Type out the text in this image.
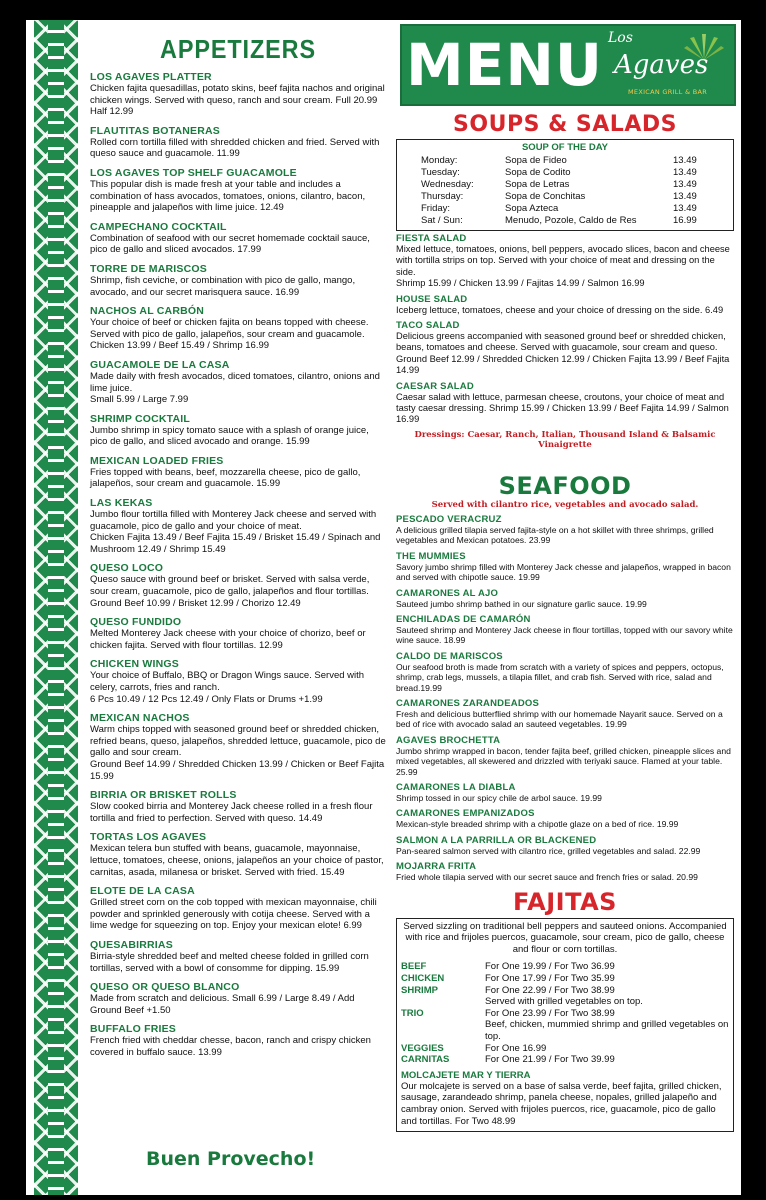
APPETIZERS
LOS AGAVES PLATTER
Chicken fajita quesadillas, potato skins, beef fajita nachos and original chicken wings. Served with queso, ranch and sour cream. Full 20.99 Half 12.99
FLAUTITAS BOTANERAS
Rolled corn tortilla filled with shredded chicken and fried. Served with queso sauce and guacamole. 11.99
LOS AGAVES TOP SHELF GUACAMOLE
This popular dish is made fresh at your table and includes a combination of hass avocados, tomatoes, onions, cilantro, bacon, pineapple and jalapeños with lime juice. 12.49
CAMPECHANO COCKTAIL
Combination of seafood with our secret homemade cocktail sauce, pico de gallo and sliced avocados. 17.99
TORRE DE MARISCOS
Shrimp, fish ceviche, or combination with pico de gallo, mango, avocado, and our secret marisquera sauce. 16.99
NACHOS AL CARBÓN
Your choice of beef or chicken fajita on beans topped with cheese. Served with pico de gallo, jalapeños, sour cream and guacamole.
Chicken 13.99 / Beef 15.49 / Shrimp 16.99
GUACAMOLE DE LA CASA
Made daily with fresh avocados, diced tomatoes, cilantro, onions and lime juice.
Small 5.99 / Large 7.99
SHRIMP COCKTAIL
Jumbo shrimp in spicy tomato sauce with a splash of orange juice, pico de gallo, and sliced avocado and orange. 15.99
MEXICAN LOADED FRIES
Fries topped with beans, beef, mozzarella cheese, pico de gallo, jalapeños, sour cream and guacamole. 15.99
LAS KEKAS
Jumbo flour tortilla filled with Monterey Jack cheese and served with guacamole, pico de gallo and your choice of meat.
Chicken Fajita 13.49 / Beef Fajita 15.49 / Brisket 15.49 / Spinach and Mushroom 12.49 / Shrimp 15.49
QUESO LOCO
Queso sauce with ground beef or brisket. Served with salsa verde, sour cream, guacamole, pico de gallo, jalapeños and flour tortillas.
Ground Beef 10.99 / Brisket 12.99 / Chorizo 12.49
QUESO FUNDIDO
Melted Monterey Jack cheese with your choice of chorizo, beef or chicken fajita. Served with flour tortillas. 12.99
CHICKEN WINGS
Your choice of Buffalo, BBQ or Dragon Wings sauce. Served with celery, carrots, fries and ranch.
6 Pcs 10.49 / 12 Pcs 12.49 / Only Flats or Drums +1.99
MEXICAN NACHOS
Warm chips topped with seasoned ground beef or shredded chicken, refried beans, queso, jalapeños, shredded lettuce, guacamole, pico de gallo and sour cream.
Ground Beef 14.99 / Shredded Chicken 13.99 / Chicken or Beef Fajita 15.99
BIRRIA OR BRISKET ROLLS
Slow cooked birria and Monterey Jack cheese rolled in a fresh flour tortilla and fried to perfection. Served with queso. 14.49
TORTAS LOS AGAVES
Mexican telera bun stuffed with beans, guacamole, mayonnaise, lettuce, tomatoes, cheese, onions, jalapeños an your choice of pastor, carnitas, asada, milanesa or brisket. Served with fried. 15.49
ELOTE DE LA CASA
Grilled street corn on the cob topped with mexican mayonnaise, chili powder and sprinkled generously with cotija cheese. Served with a lime wedge for squeezing on top. Enjoy your mexican elote! 6.99
QUESABIRRIAS
Birria-style shredded beef and melted cheese folded in grilled corn tortillas, served with a bowl of consomme for dipping. 15.99
QUESO OR QUESO BLANCO
Made from scratch and delicious. Small 6.99 / Large 8.49 / Add Ground Beef +1.50
BUFFALO FRIES
French fried with cheddar chesse, bacon, ranch and crispy chicken covered in buffalo sauce. 13.99
Buen Provecho!
MENU Los
Agaves
MEXICAN GRILL & BAR
SOUPS & SALADS
SOUP OF THE DAY
Monday:	Sopa de Fideo	13.49
Tuesday:	Sopa de Codito	13.49
Wednesday:	Sopa de Letras	13.49
Thursday:	Sopa de Conchitas	13.49
Friday:	Sopa Azteca	13.49
Sat / Sun:	Menudo, Pozole, Caldo de Res	16.99
FIESTA SALAD
Mixed lettuce, tomatoes, onions, bell peppers, avocado slices, bacon and cheese with tortilla strips on top. Served with your choice of meat and dressing on the side.
Shrimp 15.99 / Chicken 13.99 / Fajitas 14.99 / Salmon 16.99
HOUSE SALAD
Iceberg lettuce, tomatoes, cheese and your choice of dressing on the side. 6.49
TACO SALAD
Delicious greens accompanied with seasoned ground beef or shredded chicken, beans, tomatoes and cheese. Served with guacamole, sour cream and queso.
Ground Beef 12.99 / Shredded Chicken 12.99 / Chicken Fajita 13.99 / Beef Fajita 14.99
CAESAR SALAD
Caesar salad with lettuce, parmesan cheese, croutons, your choice of meat and tasty caesar dressing. Shrimp 15.99 / Chicken 13.99 / Beef Fajita 14.99 / Salmon 16.99
Dressings: Caesar, Ranch, Italian, Thousand Island & Balsamic Vinaigrette
SEAFOOD
Served with cilantro rice, vegetables and avocado salad.
PESCADO VERACRUZ
A delicious grilled tilapia served fajita-style on a hot skillet with three shrimps, grilled vegetables and Mexican potatoes. 23.99
THE MUMMIES
Savory jumbo shrimp filled with Monterey Jack chesse and jalapeños, wrapped in bacon and served with chipotle sauce. 19.99
CAMARONES AL AJO
Sauteed jumbo shrimp bathed in our signature garlic sauce. 19.99
ENCHILADAS DE CAMARÓN
Sauteed shrimp and Monterey Jack cheese in flour tortillas, topped with our savory white wine sauce. 18.99
CALDO DE MARISCOS
Our seafood broth is made from scratch with a variety of spices and peppers, octopus, shrimp, crab legs, mussels, a tilapia fillet, and crab fish. Served with rice, salad and bread.19.99
CAMARONES ZARANDEADOS
Fresh and delicious butterflied shrimp with our homemade Nayarit sauce. Served on a bed of rice with avocado salad an sauteed vegetables. 19.99
AGAVES BROCHETTA
Jumbo shrimp wrapped in bacon, tender fajita beef, grilled chicken, pineapple slices and mixed vegetables, all skewered and drizzled with teriyaki sauce. Flamed at your table. 25.99
CAMARONES LA DIABLA
Shrimp tossed in our spicy chile de arbol sauce. 19.99
CAMARONES EMPANIZADOS
Mexican-style breaded shrimp with a chipotle glaze on a bed of rice. 19.99
SALMON A LA PARRILLA OR BLACKENED
Pan-seared salmon served with cilantro rice, grilled vegetables and salad. 22.99
MOJARRA FRITA
Fried whole tilapia served with our secret sauce and french fries or salad. 20.99
FAJITAS
Served sizzling on traditional bell peppers and sauteed onions. Accompanied with rice and frijoles puercos, guacamole, sour cream, pico de gallo, cheese and flour or corn tortillas.
BEEF	For One 19.99 / For Two 36.99
CHICKEN	For One 17.99 / For Two 35.99
SHRIMP	For One 22.99 / For Two 38.99
Served with grilled vegetables on top.
TRIO	For One 23.99 / For Two 38.99
Beef, chicken, mummied shrimp and grilled vegetables on top.
VEGGIES	For One 16.99
CARNITAS	For One 21.99 / For Two 39.99
MOLCAJETE MAR Y TIERRA
Our molcajete is served on a base of salsa verde, beef fajita, grilled chicken, sausage, zarandeado shrimp, panela cheese, nopales, grilled jalapeño and cambray onion. Served with frijoles puercos, rice, guacamole, pico de gallo and tortillas. For Two 48.99
